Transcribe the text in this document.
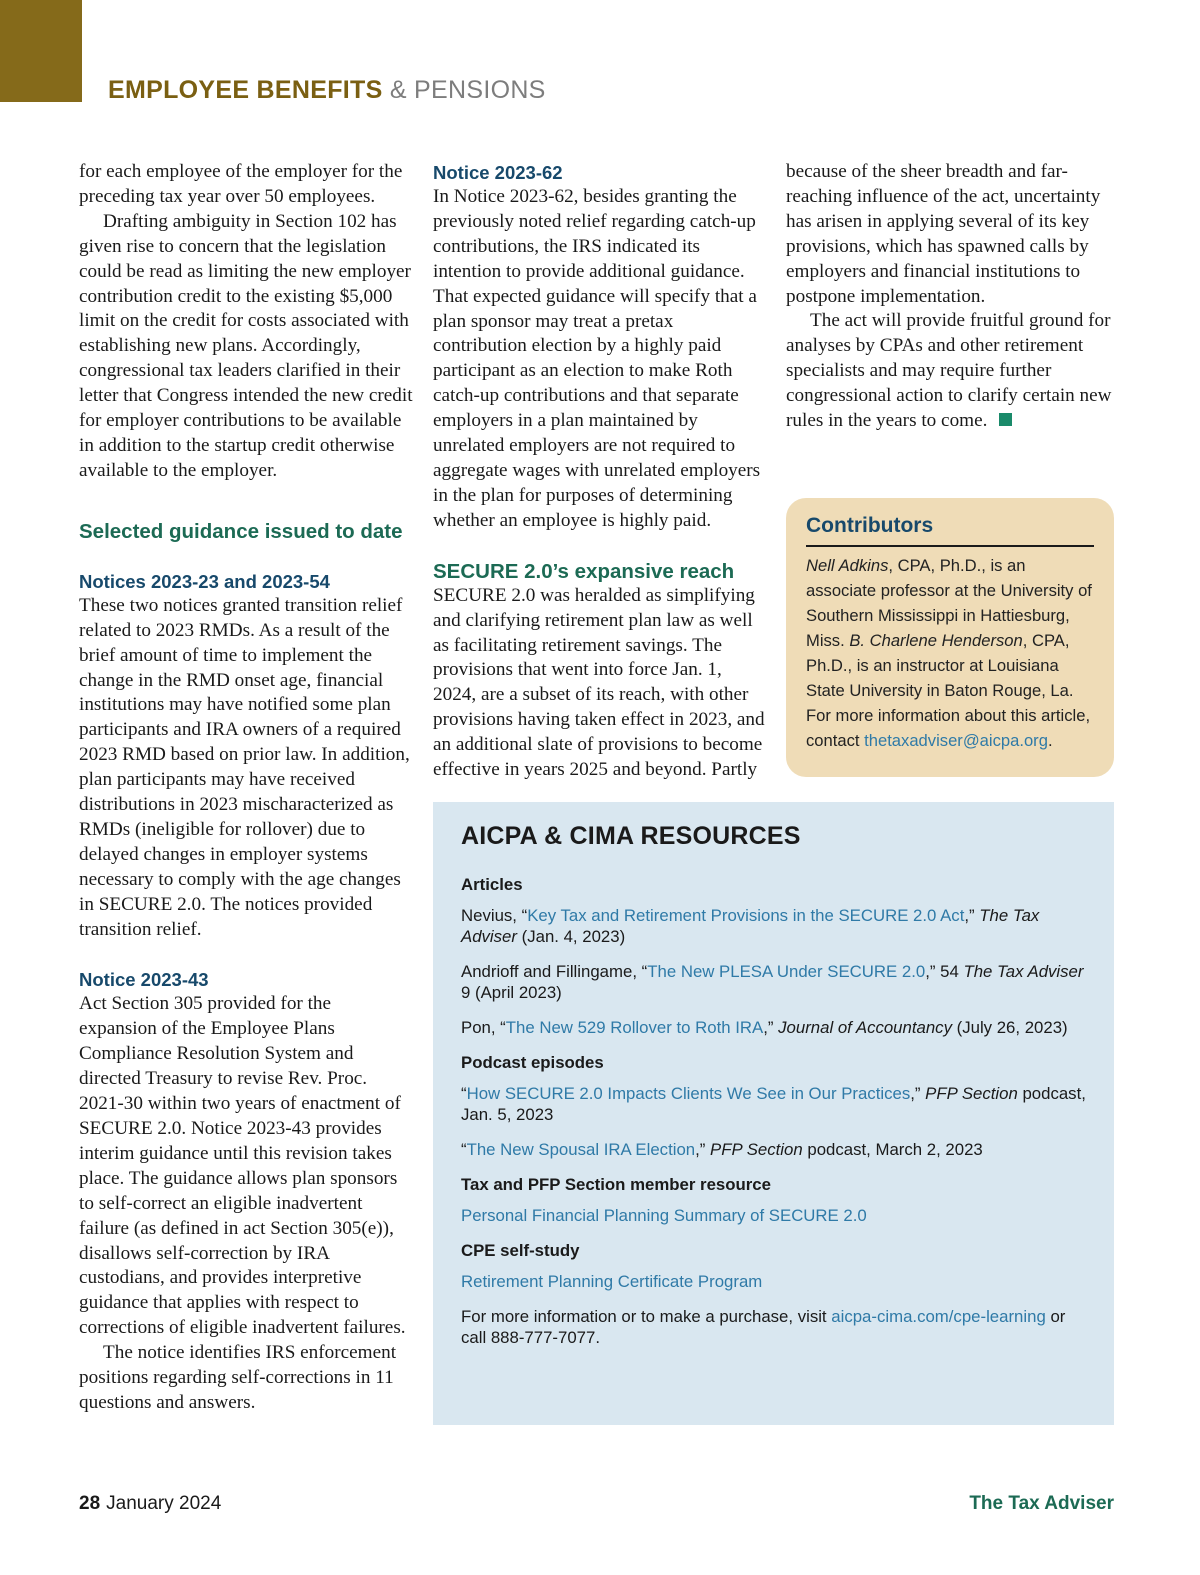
EMPLOYEE BENEFITS & PENSIONS

for each employee of the employer for the preceding tax year over 50 employees.

Drafting ambiguity in Section 102 has given rise to concern that the legislation could be read as limiting the new employer contribution credit to the existing $5,000 limit on the credit for costs associated with establishing new plans. Accordingly, congressional tax leaders clarified in their letter that Congress intended the new credit for employer contributions to be available in addition to the startup credit otherwise available to the employer.

Selected guidance issued to date
Notices 2023-23 and 2023-54

These two notices granted transition relief related to 2023 RMDs. As a result of the brief amount of time to implement the change in the RMD onset age, financial institutions may have notified some plan participants and IRA owners of a required 2023 RMD based on prior law. In addition, plan participants may have received distributions in 2023 mischaracterized as RMDs (ineligible for rollover) due to delayed changes in employer systems necessary to comply with the age changes in SECURE 2.0. The notices provided transition relief.

Notice 2023-43

Act Section 305 provided for the expansion of the Employee Plans Compliance Resolution System and directed Treasury to revise Rev. Proc. 2021-30 within two years of enactment of SECURE 2.0. Notice 2023-43 provides interim guidance until this revision takes place. The guidance allows plan sponsors to self-correct an eligible inadvertent failure (as defined in act Section 305(e)), disallows self-correction by IRA custodians, and provides interpretive guidance that applies with respect to corrections of eligible inadvertent failures.

The notice identifies IRS enforcement positions regarding self-corrections in 11 questions and answers.

Notice 2023-62

In Notice 2023-62, besides granting the previously noted relief regarding catch-up contributions, the IRS indicated its intention to provide additional guidance. That expected guidance will specify that a plan sponsor may treat a pretax contribution election by a highly paid participant as an election to make Roth catch-up contributions and that separate employers in a plan maintained by unrelated employers are not required to aggregate wages with unrelated employers in the plan for purposes of determining whether an employee is highly paid.

SECURE 2.0’s expansive reach

SECURE 2.0 was heralded as simplifying and clarifying retirement plan law as well as facilitating retirement savings. The provisions that went into force Jan. 1, 2024, are a subset of its reach, with other provisions having taken effect in 2023, and an additional slate of provisions to become effective in years 2025 and beyond. Partly

because of the sheer breadth and far-reaching influence of the act, uncertainty has arisen in applying several of its key provisions, which has spawned calls by employers and financial institutions to postpone implementation.

The act will provide fruitful ground for analyses by CPAs and other retirement specialists and may require further congressional action to clarify certain new rules in the years to come.

Contributors

Nell Adkins, CPA, Ph.D., is an associate professor at the University of Southern Mississippi in Hattiesburg, Miss. B. Charlene Henderson, CPA, Ph.D., is an instructor at Louisiana State University in Baton Rouge, La. For more information about this article, contact thetaxadviser@aicpa.org.

AICPA & CIMA RESOURCES
Articles

Nevius, “Key Tax and Retirement Provisions in the SECURE 2.0 Act,” The Tax Adviser (Jan. 4, 2023)

Andrioff and Fillingame, “The New PLESA Under SECURE 2.0,” 54 The Tax Adviser 9 (April 2023)

Pon, “The New 529 Rollover to Roth IRA,” Journal of Accountancy (July 26, 2023)

Podcast episodes

“How SECURE 2.0 Impacts Clients We See in Our Practices,” PFP Section podcast, Jan. 5, 2023

“The New Spousal IRA Election,” PFP Section podcast, March 2, 2023

Tax and PFP Section member resource

Personal Financial Planning Summary of SECURE 2.0

CPE self-study

Retirement Planning Certificate Program

For more information or to make a purchase, visit aicpa-cima.com/cpe-learning or call 888-777-7077.

28 January 2024	The Tax Adviser
